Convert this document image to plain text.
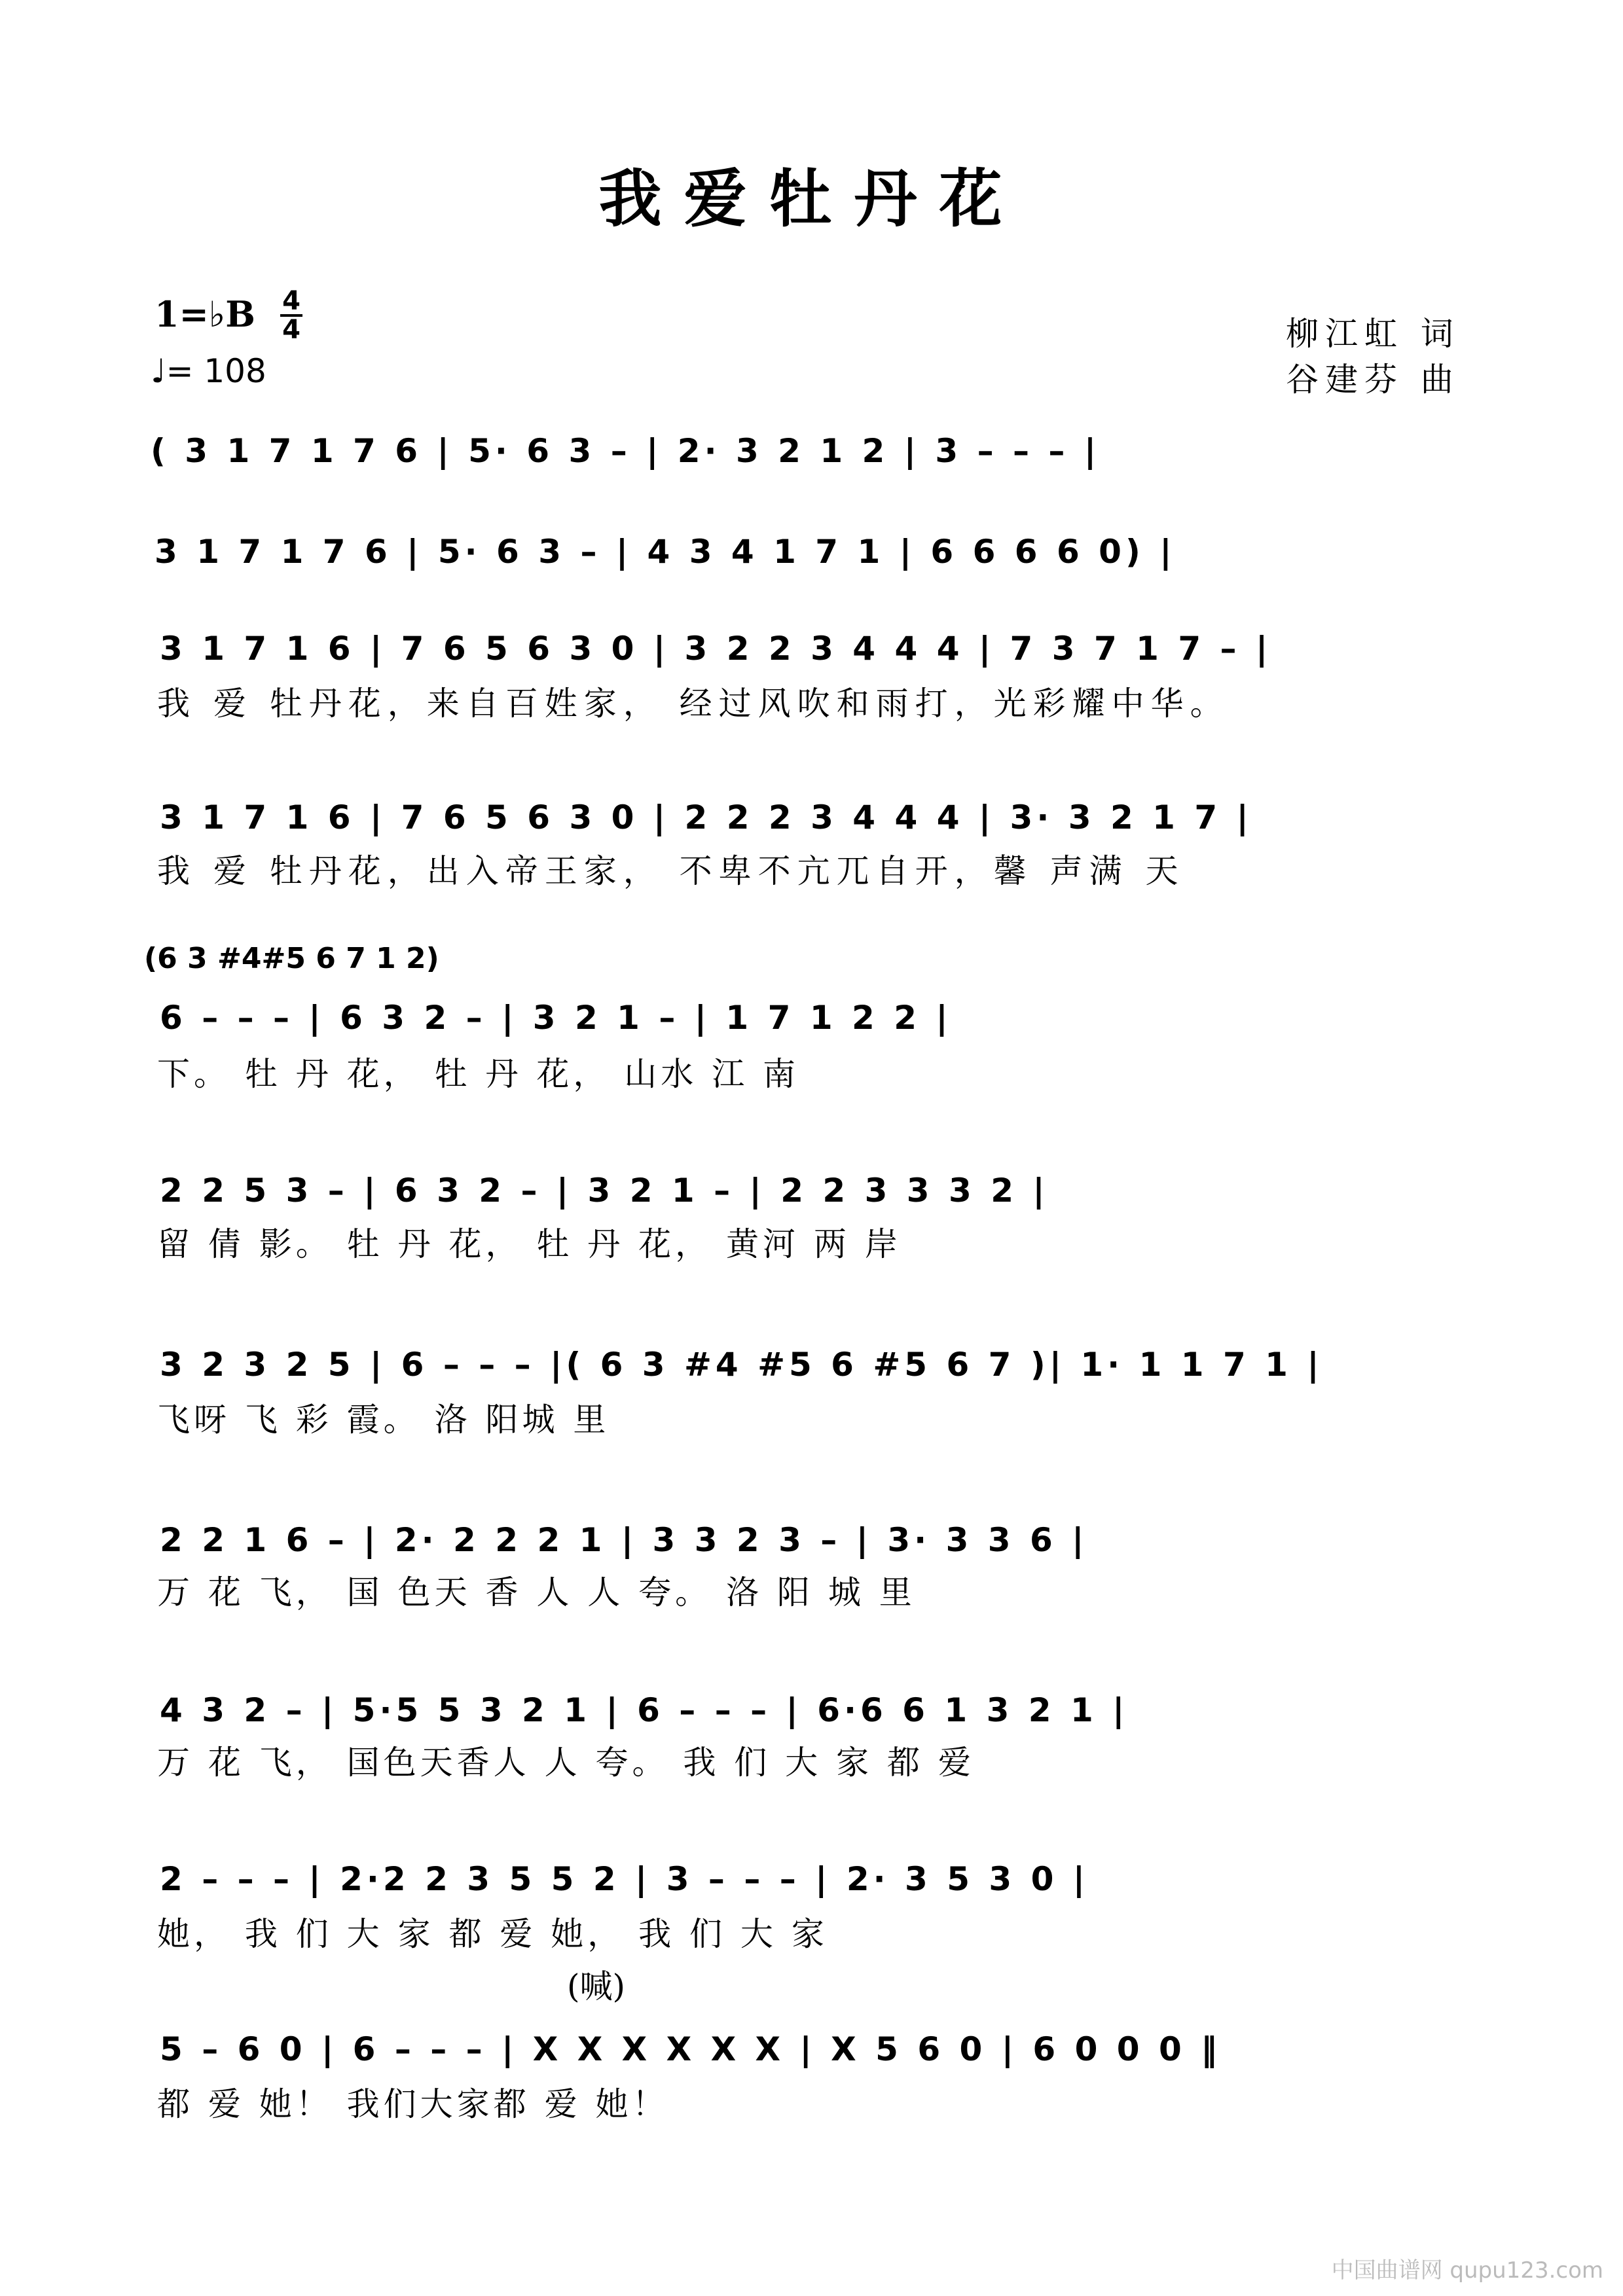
我爱牡丹花
1=♭B 4
4
♩= 108
柳江虹 词
谷建芬 曲
( 3 1 7 1 7 6 | 5· 6 3 – | 2· 3 2 1 2 | 3 – – – |
3 1 7 1 7 6 | 5· 6 3 – | 4 3 4 1 7 1 | 6 6 6 6 0) |
3 1 7 1 6 | 7 6 5 6 3 0 | 3 2 2 3 4 4 4 | 7 3 7 1 7 – |
我 爱 牡丹花，来自百姓家， 经过风吹和雨打，光彩耀中华。
3 1 7 1 6 | 7 6 5 6 3 0 | 2 2 2 3 4 4 4 | 3· 3 2 1 7 |
我 爱 牡丹花，出入帝王家， 不卑不亢兀自开，馨 声满 天
(6 3 #4#5 6 7 1 2)
6 – – – | 6 3 2 – | 3 2 1 – | 1 7 1 2 2 |
下。 牡 丹 花， 牡 丹 花， 山水 江 南
2 2 5 3 – | 6 3 2 – | 3 2 1 – | 2 2 3 3 3 2 |
留 倩 影。 牡 丹 花， 牡 丹 花， 黄河 两 岸
3 2 3 2 5 | 6 – – – |( 6 3 #4 #5 6 #5 6 7 )| 1· 1 1 7 1 |
飞呀 飞 彩 霞。 洛 阳城 里
2 2 1 6 – | 2· 2 2 2 1 | 3 3 2 3 – | 3· 3 3 6 |
万 花 飞， 国 色天 香 人 人 夸。 洛 阳 城 里
4 3 2 – | 5·5 5 3 2 1 | 6 – – – | 6·6 6 1 3 2 1 |
万 花 飞， 国色天香人 人 夸。 我 们 大 家 都 爱
2 – – – | 2·2 2 3 5 5 2 | 3 – – – | 2· 3 5 3 0 |
她， 我 们 大 家 都 爱 她， 我 们 大 家
(喊)
5 – 6 0 | 6 – – – | X X X X X X | X 5 6 0 | 6 0 0 0 ‖
都 爱 她！ 我们大家都 爱 她！
中国曲谱网 qupu123.com
